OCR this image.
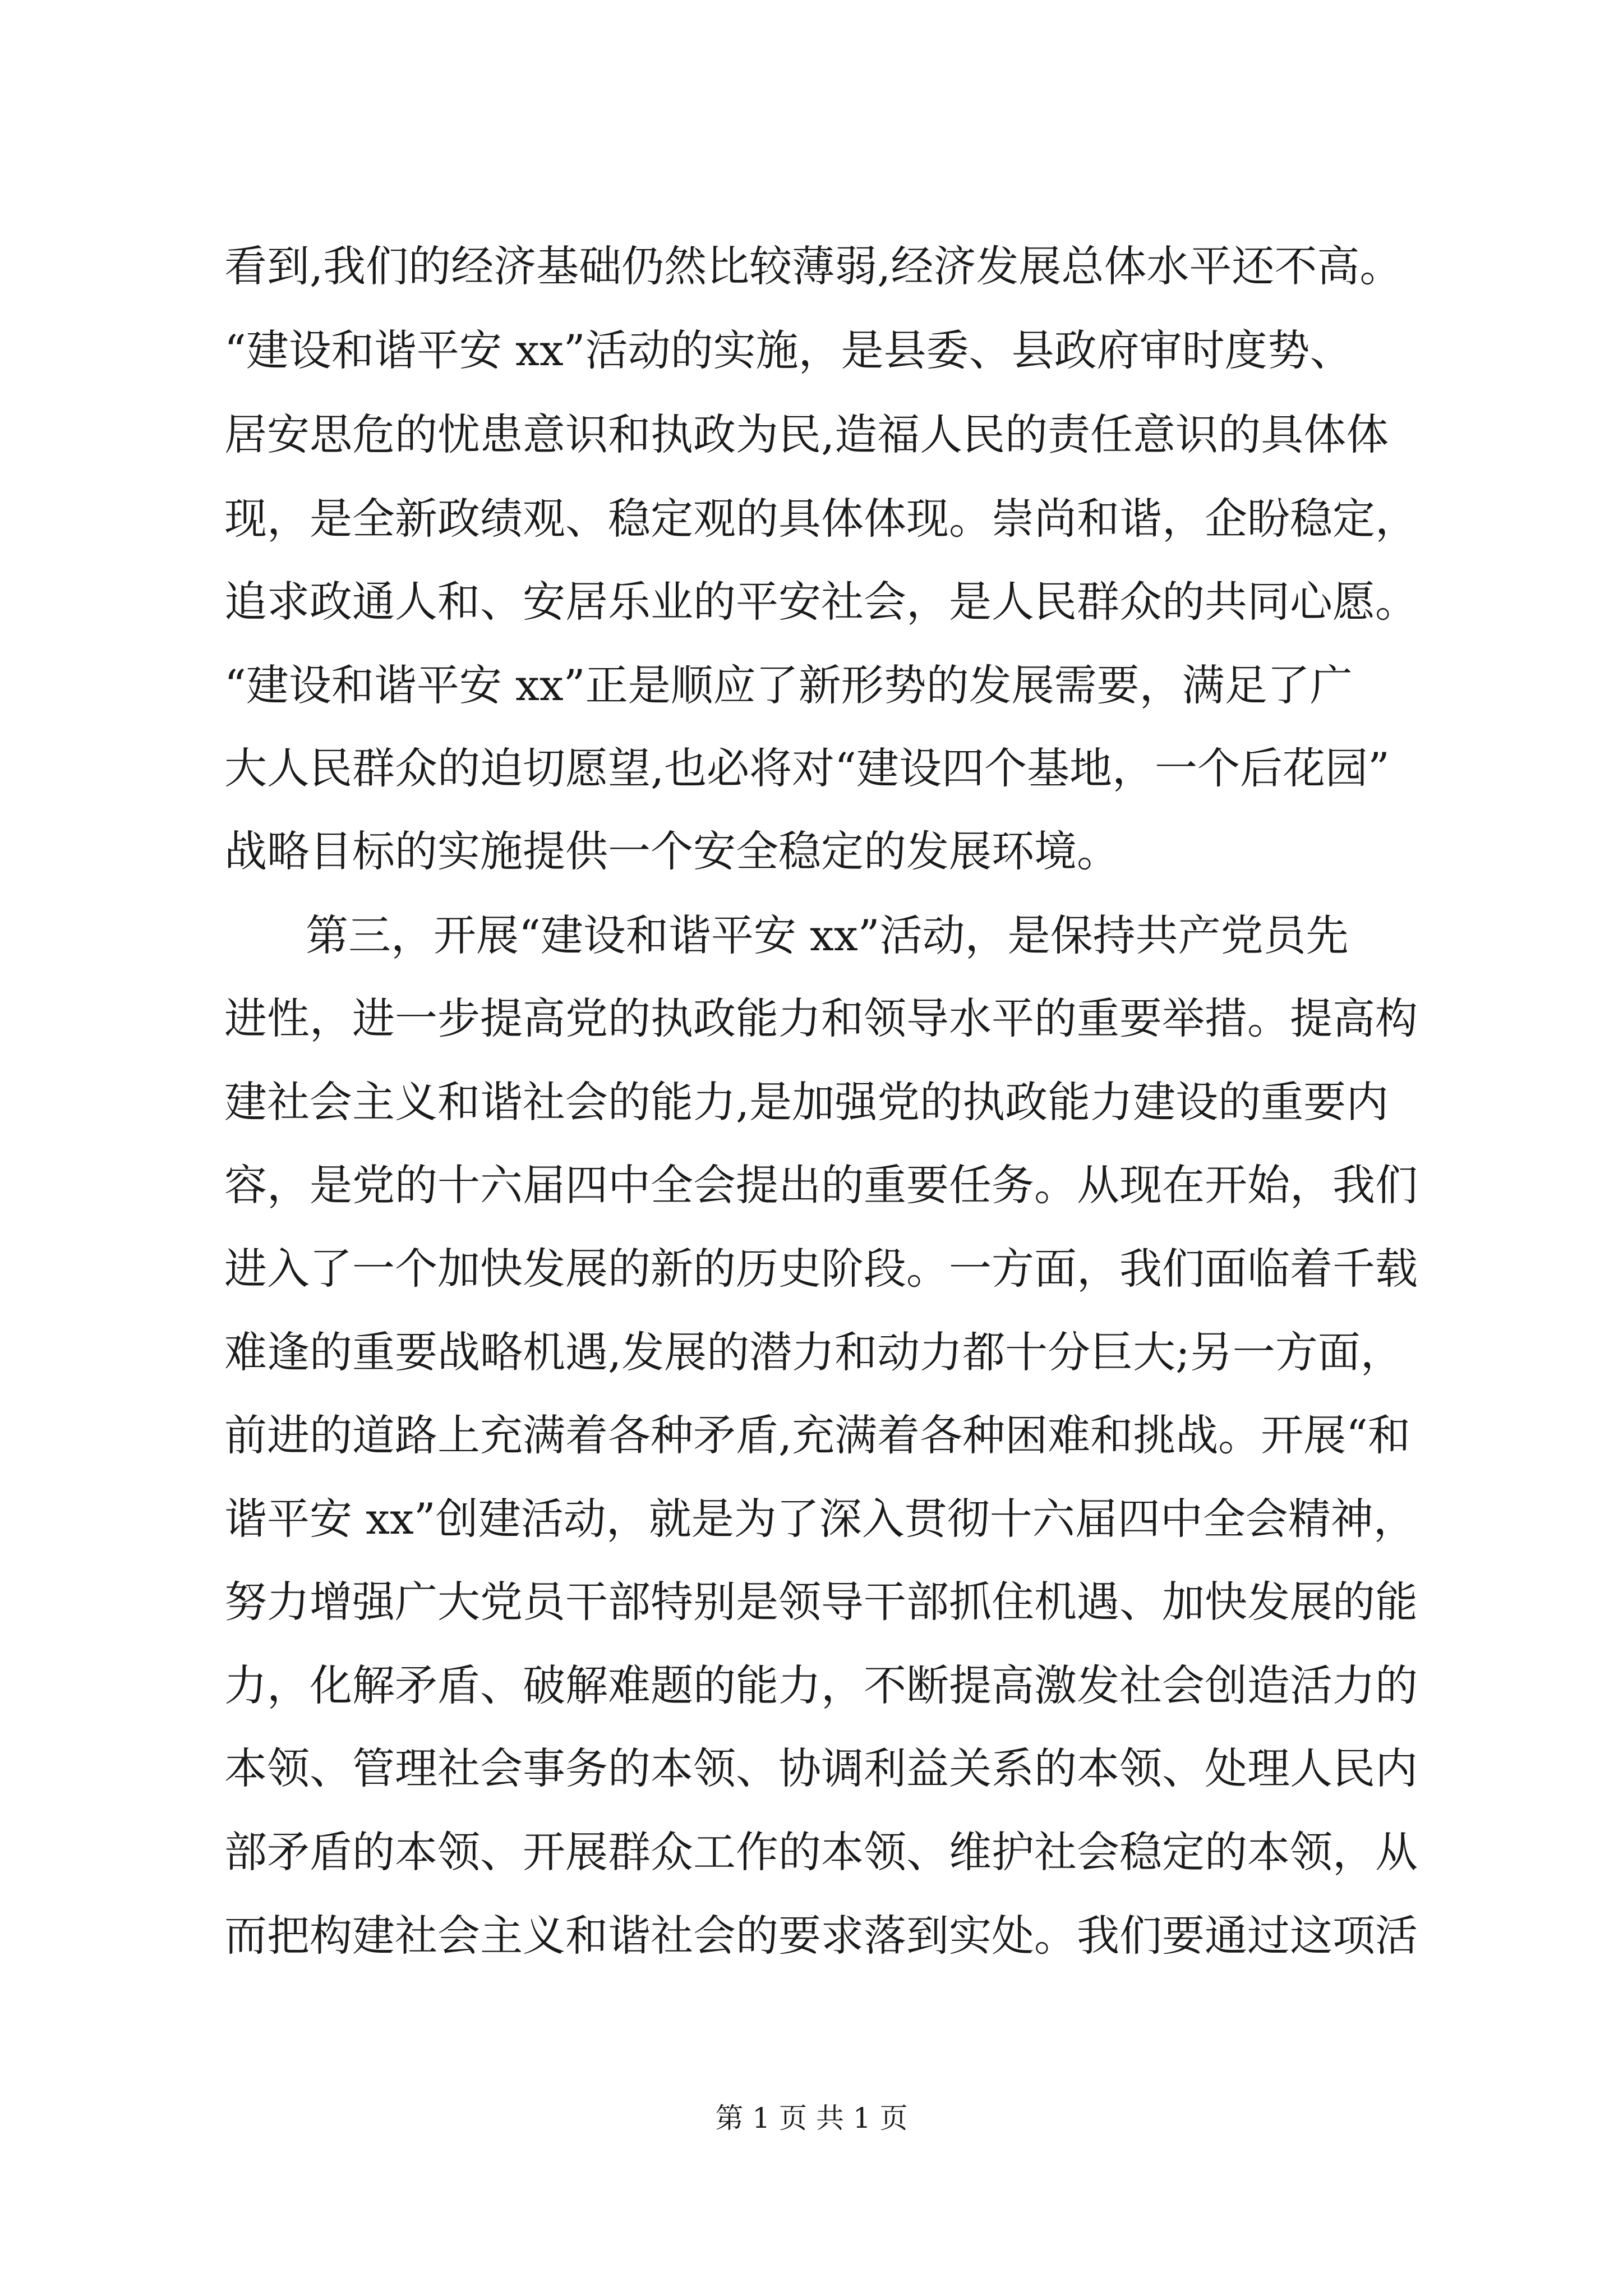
看到,我们的经济基础仍然比较薄弱,经济发展总体水平还不高。
“建设和谐平安 xx”活动的实施，是县委、县政府审时度势、
居安思危的忧患意识和执政为民,造福人民的责任意识的具体体
现，是全新政绩观、稳定观的具体体现。崇尚和谐，企盼稳定，
追求政通人和、安居乐业的平安社会，是人民群众的共同心愿。
“建设和谐平安 xx”正是顺应了新形势的发展需要，满足了广
大人民群众的迫切愿望,也必将对“建设四个基地，一个后花园”
战略目标的实施提供一个安全稳定的发展环境。
第三，开展“建设和谐平安 xx”活动，是保持共产党员先
进性，进一步提高党的执政能力和领导水平的重要举措。提高构
建社会主义和谐社会的能力,是加强党的执政能力建设的重要内
容，是党的十六届四中全会提出的重要任务。从现在开始，我们
进入了一个加快发展的新的历史阶段。一方面，我们面临着千载
难逢的重要战略机遇,发展的潜力和动力都十分巨大;另一方面，
前进的道路上充满着各种矛盾,充满着各种困难和挑战。开展“和
谐平安 xx”创建活动，就是为了深入贯彻十六届四中全会精神，
努力增强广大党员干部特别是领导干部抓住机遇、加快发展的能
力，化解矛盾、破解难题的能力，不断提高激发社会创造活力的
本领、管理社会事务的本领、协调利益关系的本领、处理人民内
部矛盾的本领、开展群众工作的本领、维护社会稳定的本领，从
而把构建社会主义和谐社会的要求落到实处。我们要通过这项活
第 1 页 共 1 页
